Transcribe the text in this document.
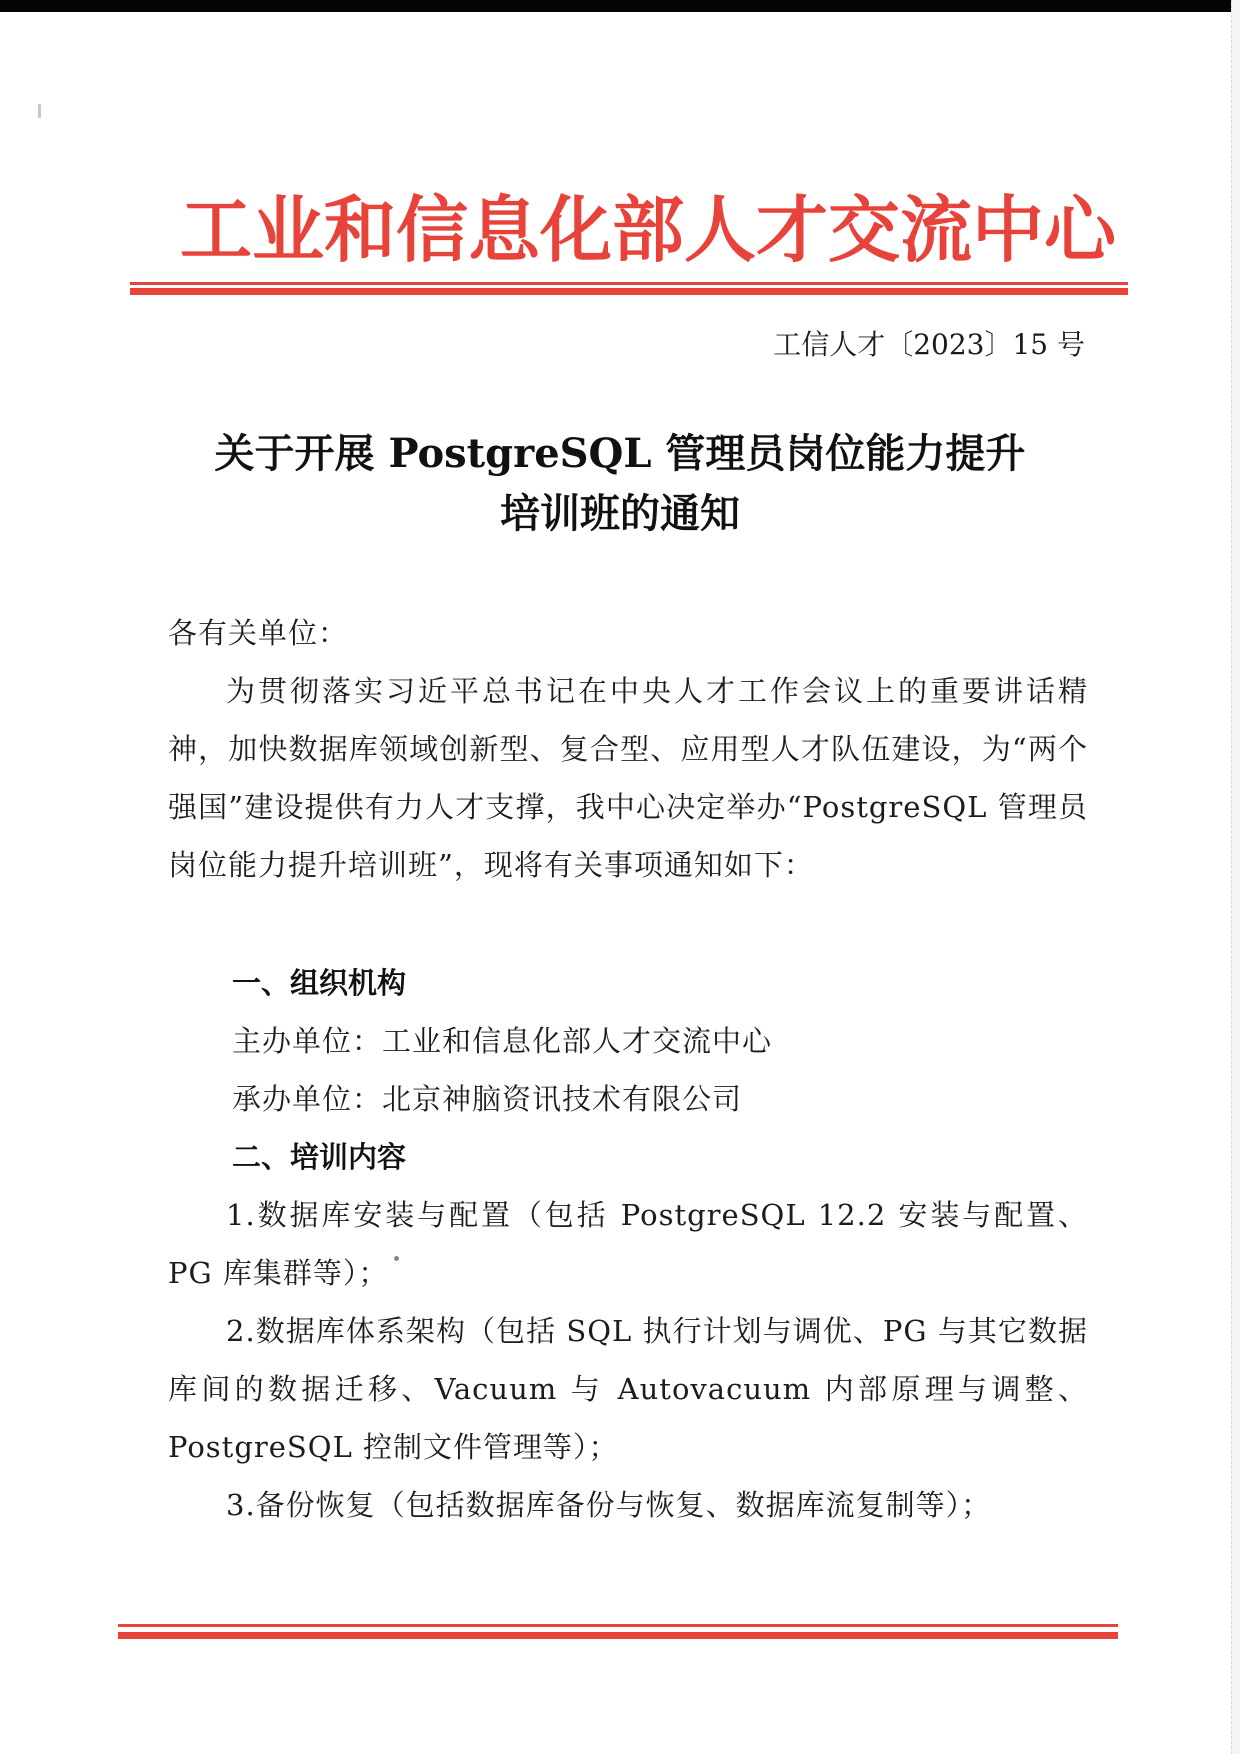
工业和信息化部人才交流中心
工信人才〔2023〕15 号
关于开展 PostgreSQL 管理员岗位能力提升
培训班的通知
各有关单位：
为贯彻落实习近平总书记在中央人才工作会议上的重要讲话精神，加快数据库领域创新型、复合型、应用型人才队伍建设，为“两个强国”建设提供有力人才支撑，我中心决定举办“PostgreSQL 管理员岗位能力提升培训班”，现将有关事项通知如下：
一、组织机构
主办单位：工业和信息化部人才交流中心
承办单位：北京神脑资讯技术有限公司
二、培训内容
1.数据库安装与配置（包括 PostgreSQL 12.2 安装与配置、PG 库集群等）；
2.数据库体系架构（包括 SQL 执行计划与调优、PG 与其它数据库间的数据迁移、Vacuum 与 Autovacuum 内部原理与调整、PostgreSQL 控制文件管理等）；
3.备份恢复（包括数据库备份与恢复、数据库流复制等）；
